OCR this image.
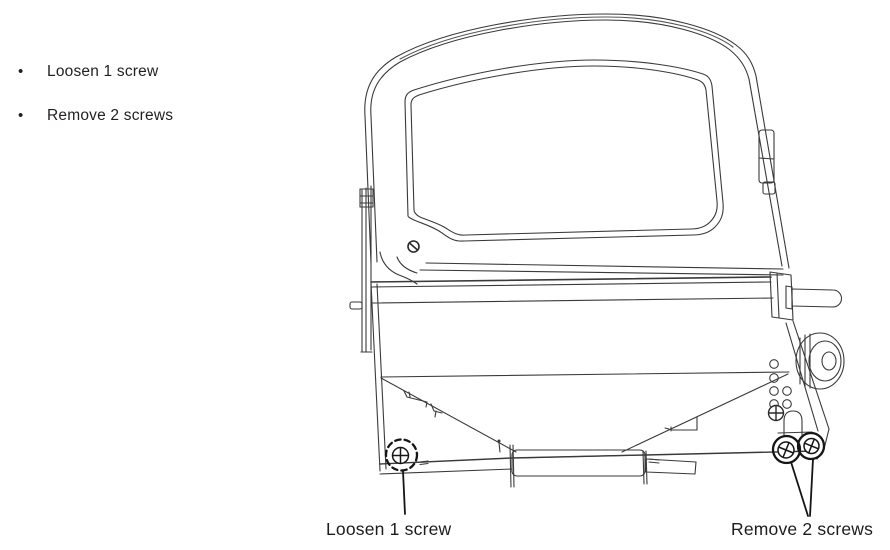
• Loosen 1 screw
• Remove 2 screws
Loosen 1 screw	Remove 2 screws
